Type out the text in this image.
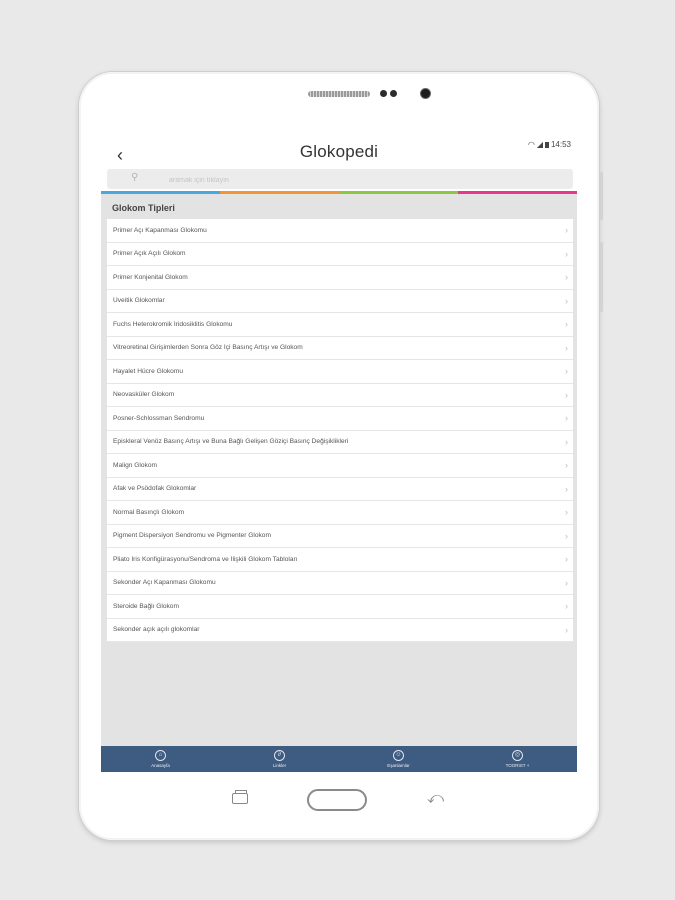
‹	Glokopedi	◠ ◢ 14:53
⚲
aramak için tıklayın
Glokom Tipleri
Primer Açı Kapanması Glokomu	›
Primer Açık Açılı Glokom	›
Primer Konjenital Glokom	›
Üveitik Glokomlar	›
Fuchs Heterokromik İridosiklitis Glokomu	›
Vitreoretinal Girişimlerden Sonra Göz İçi Basınç Artışı ve Glokom	›
Hayalet Hücre Glokomu	›
Neovasküler Glokom	›
Posner-Schlossman Sendromu	›
Episkleral Venöz Basınç Artışı ve Buna Bağlı Gelişen Göziçi Basınç Değişiklikleri	›
Malign Glokom	›
Afak ve Psödofak Glokomlar	›
Normal Basınçlı Glokom	›
Pigment Dispersiyon Sendromu ve Pigmenter Glokom	›
Pliato İris Konfigürasyonu/Sendroma ve İlişkili Glokom Tabloları	›
Sekonder Açı Kapanması Glokomu	›
Steroide Bağlı Glokom	›
Sekonder açık açılı glokomlar	›
⌂
Anasayfa
∂
Linkler
☺
Eşanlamlar
◎
TOORIST +
⤺
